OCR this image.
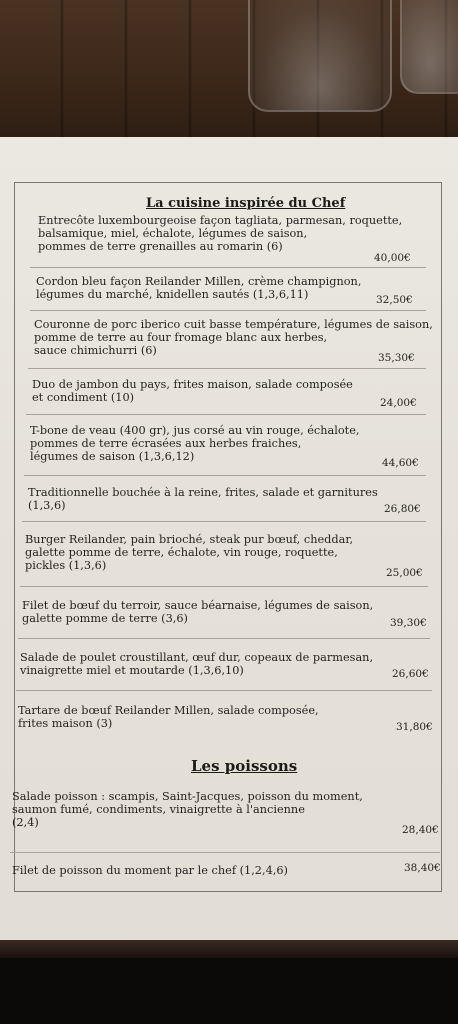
La cuisine inspirée du Chef
Entrecôte luxembourgeoise façon tagliata, parmesan, roquette,
balsamique, miel, échalote, légumes de saison,
pommes de terre grenailles au romarin (6)
40,00€
Cordon bleu façon Reilander Millen, crème champignon,
légumes du marché, knidellen sautés (1,3,6,11)	32,50€
Couronne de porc iberico cuit basse température, légumes de saison,
pomme de terre au four fromage blanc aux herbes,
sauce chimichurri (6)
35,30€
Duo de jambon du pays, frites maison, salade composée
et condiment (10)	24,00€
T-bone de veau (400 gr), jus corsé au vin rouge, échalote,
pommes de terre écrasées aux herbes fraiches,
légumes de saison (1,3,6,12)	44,60€
Traditionnelle bouchée à la reine, frites, salade et garnitures
(1,3,6)	26,80€
Burger Reilander, pain brioché, steak pur bœuf, cheddar,
galette pomme de terre, échalote, vin rouge, roquette,
pickles (1,3,6)
25,00€
Filet de bœuf du terroir, sauce béarnaise, légumes de saison,
galette pomme de terre (3,6)	39,30€
Salade de poulet croustillant, œuf dur, copeaux de parmesan,
vinaigrette miel et moutarde (1,3,6,10)	26,60€
Tartare de bœuf Reilander Millen, salade composée,
frites maison (3)	31,80€
Les poissons
Salade poisson : scampis, Saint-Jacques, poisson du moment,
saumon fumé, condiments, vinaigrette à l'ancienne
(2,4)
28,40€
Filet de poisson du moment par le chef (1,2,4,6)	38,40€
